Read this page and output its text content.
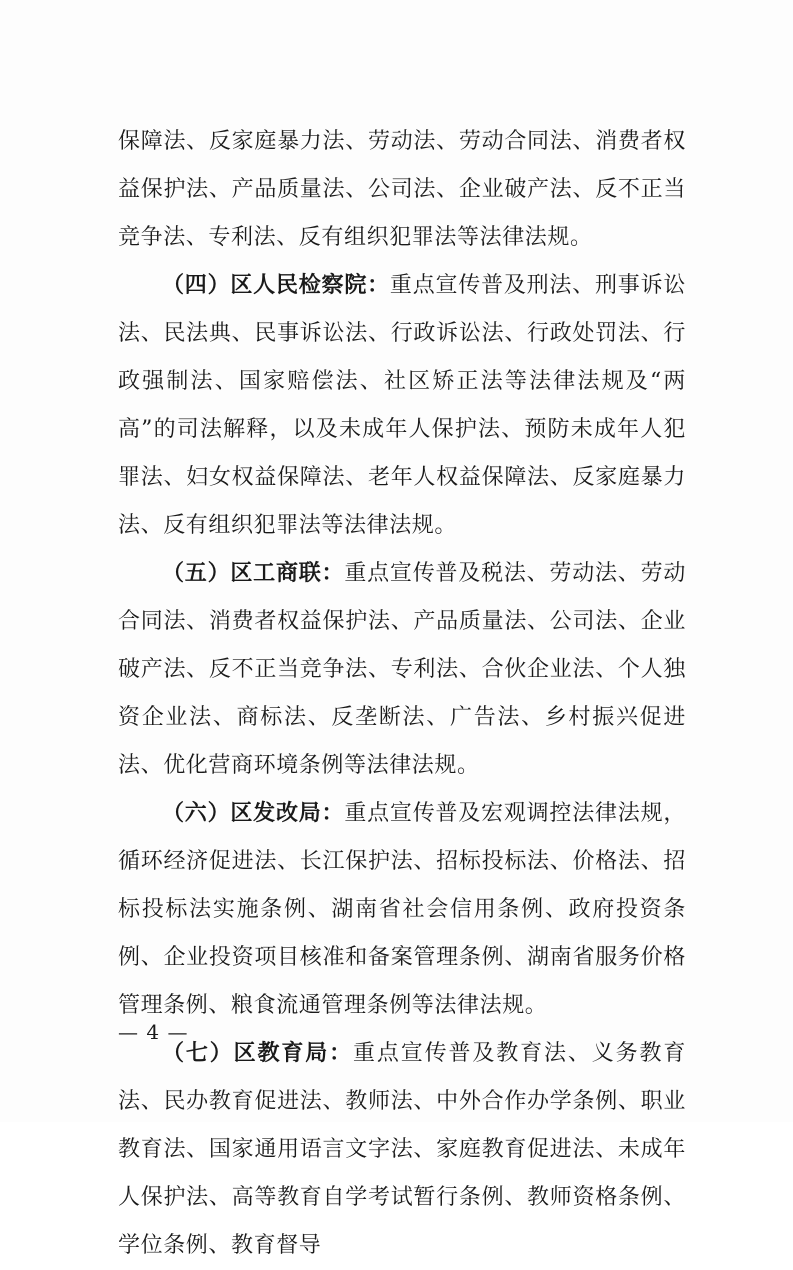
保障法、反家庭暴力法、劳动法、劳动合同法、消费者权益保护法、产品质量法、公司法、企业破产法、反不正当竞争法、专利法、反有组织犯罪法等法律法规。

（四）区人民检察院：重点宣传普及刑法、刑事诉讼法、民法典、民事诉讼法、行政诉讼法、行政处罚法、行政强制法、国家赔偿法、社区矫正法等法律法规及“两高”的司法解释，以及未成年人保护法、预防未成年人犯罪法、妇女权益保障法、老年人权益保障法、反家庭暴力法、反有组织犯罪法等法律法规。

（五）区工商联：重点宣传普及税法、劳动法、劳动合同法、消费者权益保护法、产品质量法、公司法、企业破产法、反不正当竞争法、专利法、合伙企业法、个人独资企业法、商标法、反垄断法、广告法、乡村振兴促进法、优化营商环境条例等法律法规。

（六）区发改局：重点宣传普及宏观调控法律法规，循环经济促进法、长江保护法、招标投标法、价格法、招标投标法实施条例、湖南省社会信用条例、政府投资条例、企业投资项目核准和备案管理条例、湖南省服务价格管理条例、粮食流通管理条例等法律法规。

（七）区教育局：重点宣传普及教育法、义务教育法、民办教育促进法、教师法、中外合作办学条例、职业教育法、国家通用语言文字法、家庭教育促进法、未成年人保护法、高等教育自学考试暂行条例、教师资格条例、学位条例、教育督导

— 4 —
